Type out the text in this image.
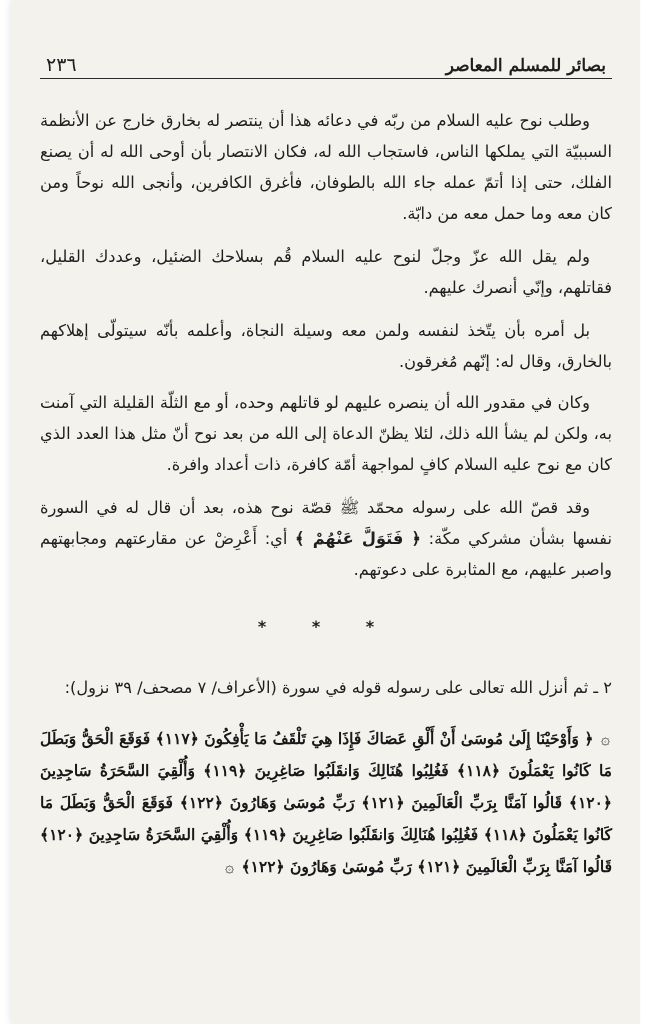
بصائر للمسلم المعاصر
٢٣٦

وطلب نوح عليه السلام من ربّه في دعائه هذا أن ينتصر له بخارق خارج عن الأنظمة السببيّة التي يملكها الناس، فاستجاب الله له، فكان الانتصار بأن أوحى الله له أن يصنع الفلك، حتى إذا أتمّ عمله جاء الله بالطوفان، فأغرق الكافرين، وأنجى الله نوحاً ومن كان معه وما حمل معه من دابّة.

ولم يقل الله عزّ وجلّ لنوح عليه السلام قُم بسلاحك الضئيل، وعددك القليل، فقاتلهم، وإنّي أنصرك عليهم.

بل أمره بأن يتّخذ لنفسه ولمن معه وسيلة النجاة، وأعلمه بأنّه سيتولّى إهلاكهم بالخارق، وقال له: إنّهم مُغرقون.

وكان في مقدور الله أن ينصره عليهم لو قاتلهم وحده، أو مع الثلّة القليلة التي آمنت به، ولكن لم يشأ الله ذلك، لئلا يظنّ الدعاة إلى الله من بعد نوح أنّ مثل هذا العدد الذي كان مع نوح عليه السلام كافٍ لمواجهة أمّة كافرة، ذات أعداد وافرة.

وقد قصّ الله على رسوله محمّد ﷺ قصّة نوح هذه، بعد أن قال له في السورة نفسها بشأن مشركي مكّة: ﴿ فَتَوَلَّ عَنْهُمْ ﴾ أي: أَعْرِضْ عن مقارعتهم ومجابهتهم واصبر عليهم، مع المثابرة على دعوتهم.

* * *

٢ ـ ثم أنزل الله تعالى على رسوله قوله في سورة (الأعراف/ ٧ مصحف/ ٣٩ نزول):

۞ ﴿ وَأَوْحَيْنَا إِلَىٰ مُوسَىٰ أَنْ أَلْقِ عَصَاكَ فَإِذَا هِيَ تَلْقَفُ مَا يَأْفِكُونَ ﴿١١٧﴾ فَوَقَعَ الْحَقُّ وَبَطَلَ مَا كَانُوا يَعْمَلُونَ ﴿١١٨﴾ فَغُلِبُوا هُنَالِكَ وَانقَلَبُوا صَاغِرِينَ ﴿١١٩﴾ وَأُلْقِيَ السَّحَرَةُ سَاجِدِينَ ﴿١٢٠﴾ قَالُوا آمَنَّا بِرَبِّ الْعَالَمِينَ ﴿١٢١﴾ رَبِّ مُوسَىٰ وَهَارُونَ ﴿١٢٢﴾ فَوَقَعَ الْحَقُّ وَبَطَلَ مَا كَانُوا يَعْمَلُونَ ﴿١١٨﴾ فَغُلِبُوا هُنَالِكَ وَانقَلَبُوا صَاغِرِينَ ﴿١١٩﴾ وَأُلْقِيَ السَّحَرَةُ سَاجِدِينَ ﴿١٢٠﴾ قَالُوا آمَنَّا بِرَبِّ الْعَالَمِينَ ﴿١٢١﴾ رَبِّ مُوسَىٰ وَهَارُونَ ﴿١٢٢﴾ ۞
